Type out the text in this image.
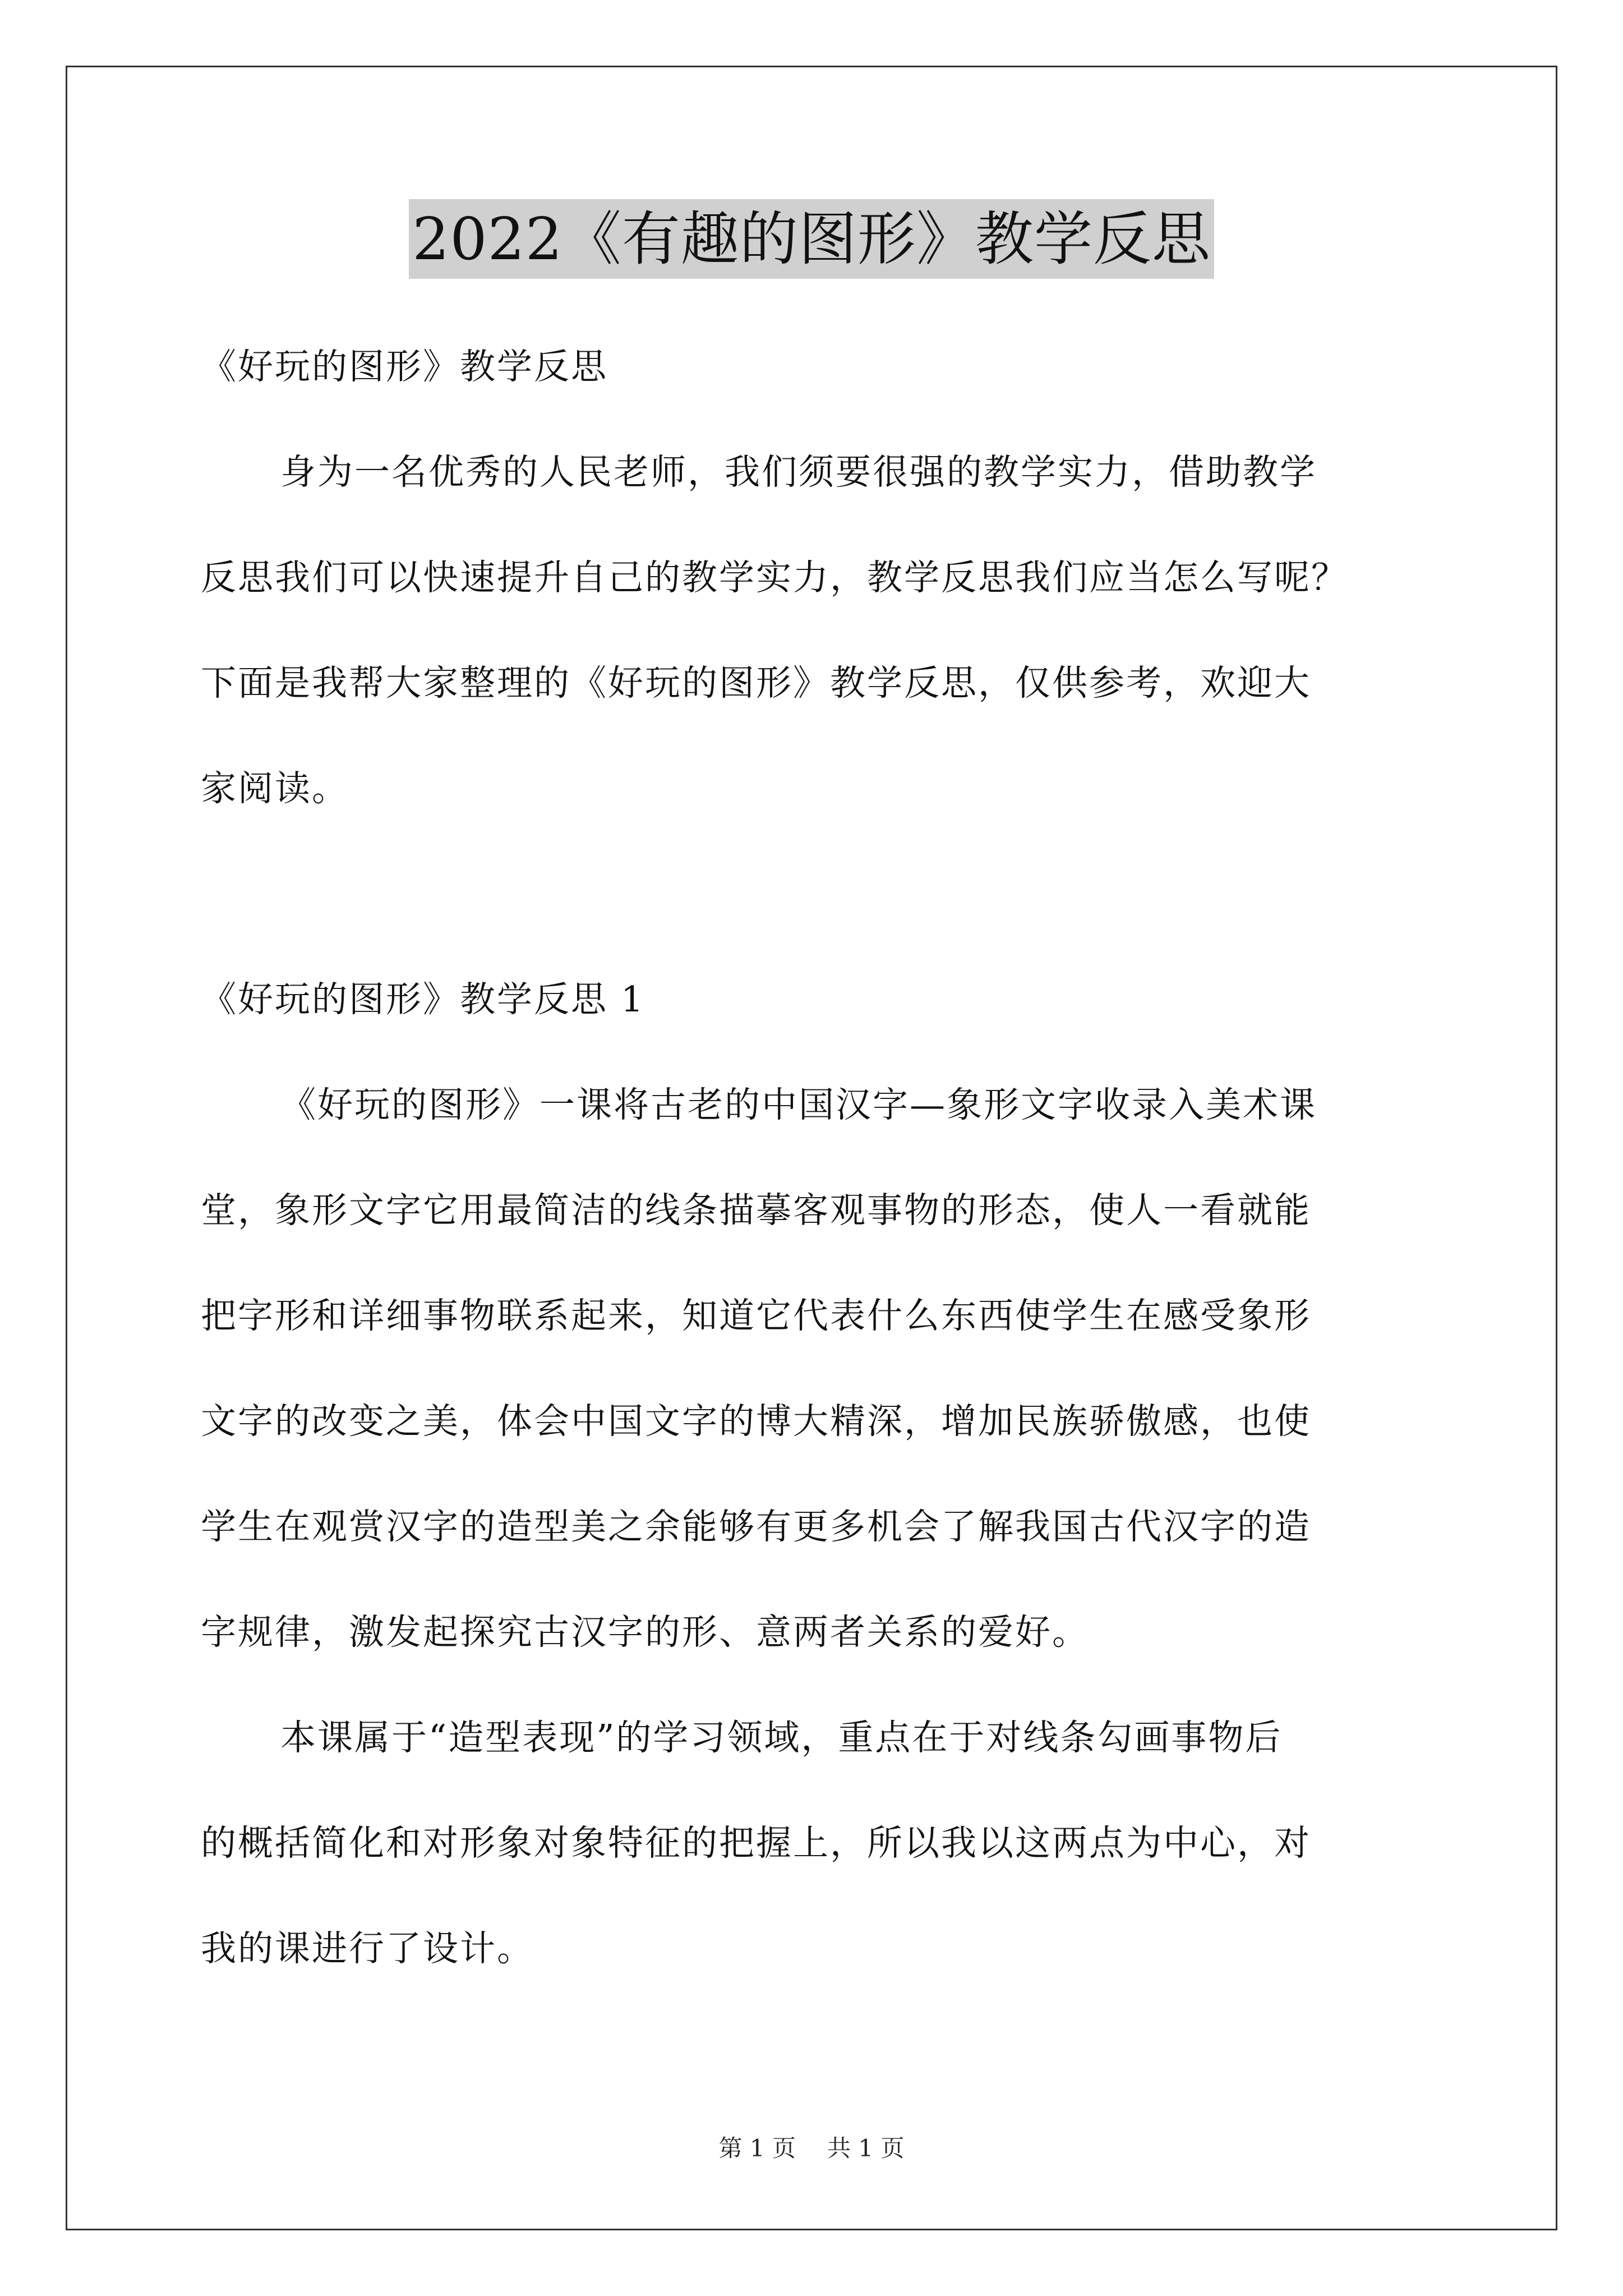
2022《有趣的图形》教学反思
《好玩的图形》教学反思
身为一名优秀的人民老师，我们须要很强的教学实力，借助教学
反思我们可以快速提升自己的教学实力，教学反思我们应当怎么写呢？
下面是我帮大家整理的《好玩的图形》教学反思，仅供参考，欢迎大
家阅读。
《好玩的图形》教学反思 1
《好玩的图形》一课将古老的中国汉字—象形文字收录入美术课
堂，象形文字它用最简洁的线条描摹客观事物的形态，使人一看就能
把字形和详细事物联系起来，知道它代表什么东西使学生在感受象形
文字的改变之美，体会中国文字的博大精深，增加民族骄傲感，也使
学生在观赏汉字的造型美之余能够有更多机会了解我国古代汉字的造
字规律，激发起探究古汉字的形、意两者关系的爱好。
本课属于“造型表现”的学习领域，重点在于对线条勾画事物后
的概括简化和对形象对象特征的把握上，所以我以这两点为中心，对
我的课进行了设计。
第 1 页 共 1 页
